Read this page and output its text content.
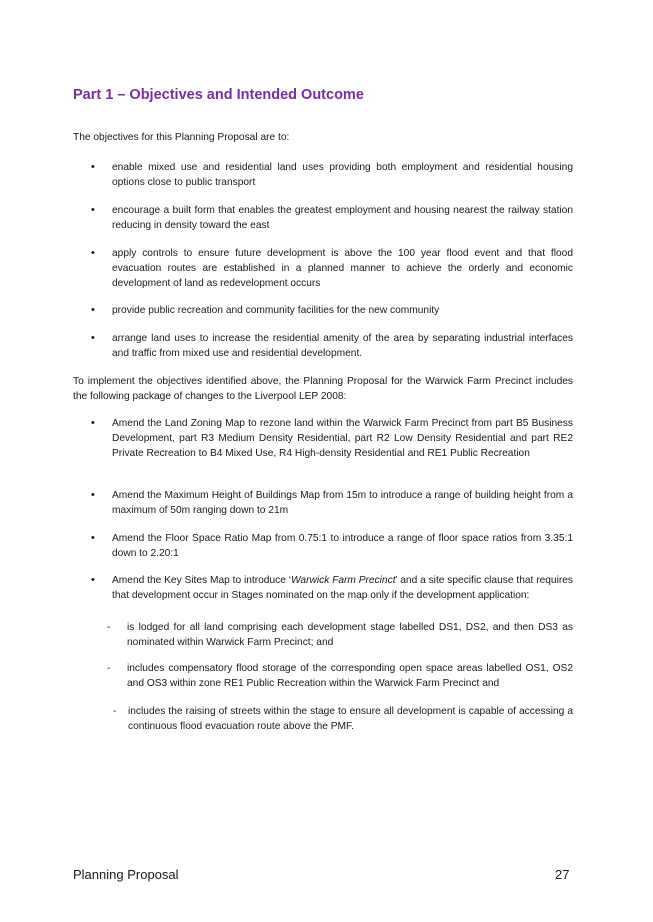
Part 1 – Objectives and Intended Outcome

The objectives for this Planning Proposal are to:

• enable mixed use and residential land uses providing both employment and residential housing options close to public transport
• encourage a built form that enables the greatest employment and housing nearest the railway station reducing in density toward the east
• apply controls to ensure future development is above the 100 year flood event and that flood evacuation routes are established in a planned manner to achieve the orderly and economic development of land as redevelopment occurs
• provide public recreation and community facilities for the new community
• arrange land uses to increase the residential amenity of the area by separating industrial interfaces and traffic from mixed use and residential development.

To implement the objectives identified above, the Planning Proposal for the Warwick Farm Precinct includes the following package of changes to the Liverpool LEP 2008:

• Amend the Land Zoning Map to rezone land within the Warwick Farm Precinct from part B5 Business Development, part R3 Medium Density Residential, part R2 Low Density Residential and part RE2 Private Recreation to B4 Mixed Use, R4 High-density Residential and RE1 Public Recreation
• Amend the Maximum Height of Buildings Map from 15m to introduce a range of building height from a maximum of 50m ranging down to 21m
• Amend the Floor Space Ratio Map from 0.75:1 to introduce a range of floor space ratios from 3.35:1 down to 2.20:1
• Amend the Key Sites Map to introduce ‘Warwick Farm Precinct’ and a site specific clause that requires that development occur in Stages nominated on the map only if the development application:
- is lodged for all land comprising each development stage labelled DS1, DS2, and then DS3 as nominated within Warwick Farm Precinct; and
- includes compensatory flood storage of the corresponding open space areas labelled OS1, OS2 and OS3 within zone RE1 Public Recreation within the Warwick Farm Precinct and
- includes the raising of streets within the stage to ensure all development is capable of accessing a continuous flood evacuation route above the PMF.
Planning Proposal	27
